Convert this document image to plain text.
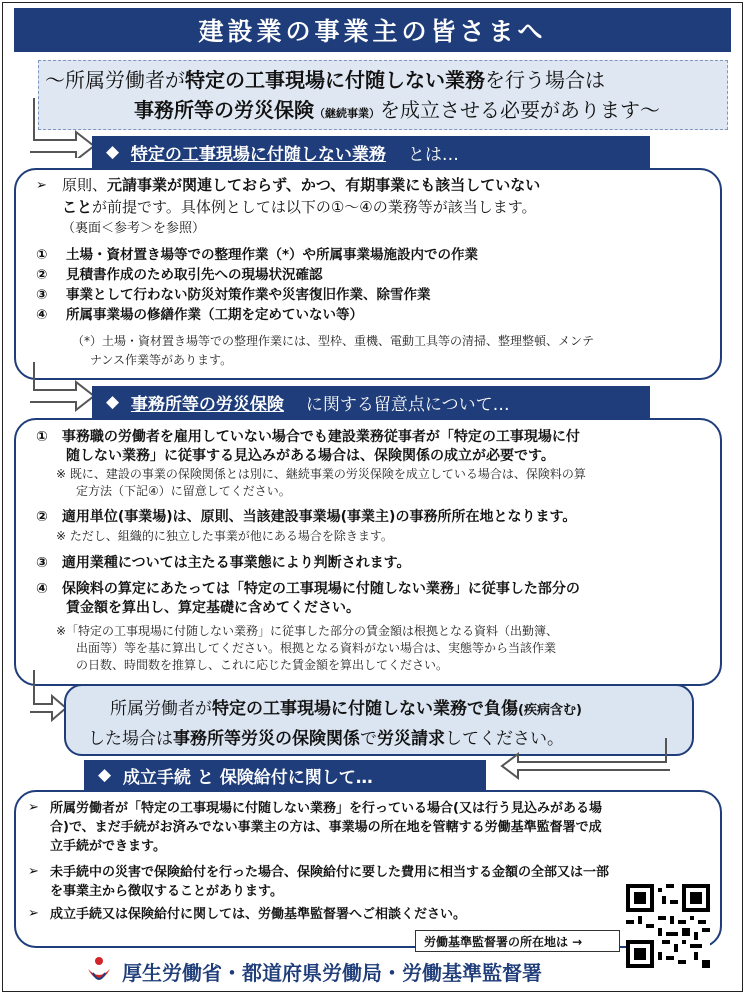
建設業の事業主の皆さまへ
～所属労働者が特定の工事現場に付随しない業務を行う場合は
事務所等の労災保険（継続事業）を成立させる必要があります～
◆
特定の工事現場に付随しない業務 とは…
➢ 原則、元請事業が関連しておらず、かつ、有期事業にも該当していない
ことが前提です。具体例としては以下の①～④の業務等が該当します。
（裏面＜参考＞を参照）
① 土場・資材置き場等での整理作業（*）や所属事業場施設内での作業
② 見積書作成のため取引先への現場状況確認
③ 事業として行わない防災対策作業や災害復旧作業、除雪作業
④ 所属事業場の修繕作業（工期を定めていない等）
（*）土場・資材置き場等での整理作業には、型枠、重機、電動工具等の清掃、整理整頓、メンテ
ナンス作業等があります。
◆
事務所等の労災保険 に関する留意点について…
①　事務職の労働者を雇用していない場合でも建設業務従事者が「特定の工事現場に付
随しない業務」に従事する見込みがある場合は、保険関係の成立が必要です。
※ 既に、建設の事業の保険関係とは別に、継続事業の労災保険を成立している場合は、保険料の算
定方法（下記④）に留意してください。
②　適用単位(事業場)は、原則、当該建設事業場(事業主)の事務所所在地となります。
※ ただし、組織的に独立した事業が他にある場合を除きます。
③　適用業種については主たる事業態により判断されます。
④　保険料の算定にあたっては「特定の工事現場に付随しない業務」に従事した部分の
賃金額を算出し、算定基礎に含めてください。
※「特定の工事現場に付随しない業務」に従事した部分の賃金額は根拠となる資料（出勤簿、
出面等）等を基に算出してください。根拠となる資料がない場合は、実態等から当該作業
の日数、時間数を推算し、これに応じた賃金額を算出してください。
所属労働者が特定の工事現場に付随しない業務で負傷(疾病含む)
した場合は事務所等労災の保険関係で労災請求してください。
◆
成立手続 と 保険給付に関して…
➢ 所属労働者が「特定の工事現場に付随しない業務」を行っている場合(又は行う見込みがある場
合)で、まだ手続がお済みでない事業主の方は、事業場の所在地を管轄する労働基準監督署で成
立手続ができます。
➢ 未手続中の災害で保険給付を行った場合、保険給付に要した費用に相当する金額の全部又は一部
を事業主から徴収することがあります。
➢ 成立手続又は保険給付に関しては、労働基準監督署へご相談ください。
労働基準監督署の所在地は →
厚生労働省・都道府県労働局・労働基準監督署
